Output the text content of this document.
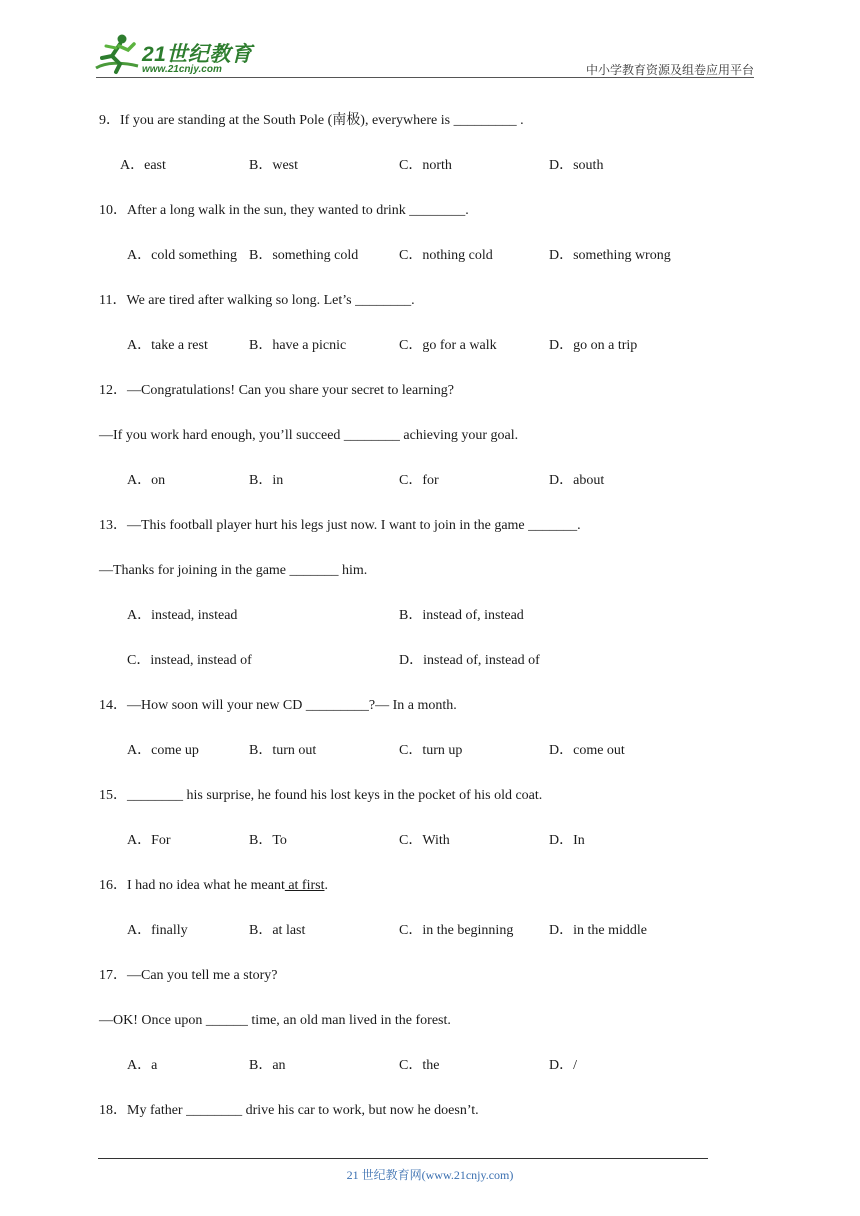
21世纪教育
www.21cnjy.com	中小学教育资源及组卷应用平台
9．If you are standing at the South Pole (南极), everywhere is _________ .
A．east	B．west	C．north	D．south
10．After a long walk in the sun, they wanted to drink ________.
A．cold something B．something cold	C．nothing cold	D．something wrong
11．We are tired after walking so long. Let’s ________.
A．take a rest	B．have a picnic	C．go for a walk	D．go on a trip
12．—Congratulations! Can you share your secret to learning?
—If you work hard enough, you’ll succeed ________ achieving your goal.
A．on	B．in	C．for	D．about
13．—This football player hurt his legs just now. I want to join in the game _______.
—Thanks for joining in the game _______ him.
A．instead, instead	B．instead of, instead
C．instead, instead of	D．instead of, instead of
14．—How soon will your new CD _________?— In a month.
A．come up	B．turn out	C．turn up	D．come out
15．________ his surprise, he found his lost keys in the pocket of his old coat.
A．For	B．To	C．With	D．In
16．I had no idea what he meant at first.
A．finally	B．at last	C．in the beginning	D．in the middle
17．—Can you tell me a story?
—OK! Once upon ______ time, an old man lived in the forest.
A．a	B．an	C．the	D．/
18．My father ________ drive his car to work, but now he doesn’t.
21 世纪教育网(www.21cnjy.com)
